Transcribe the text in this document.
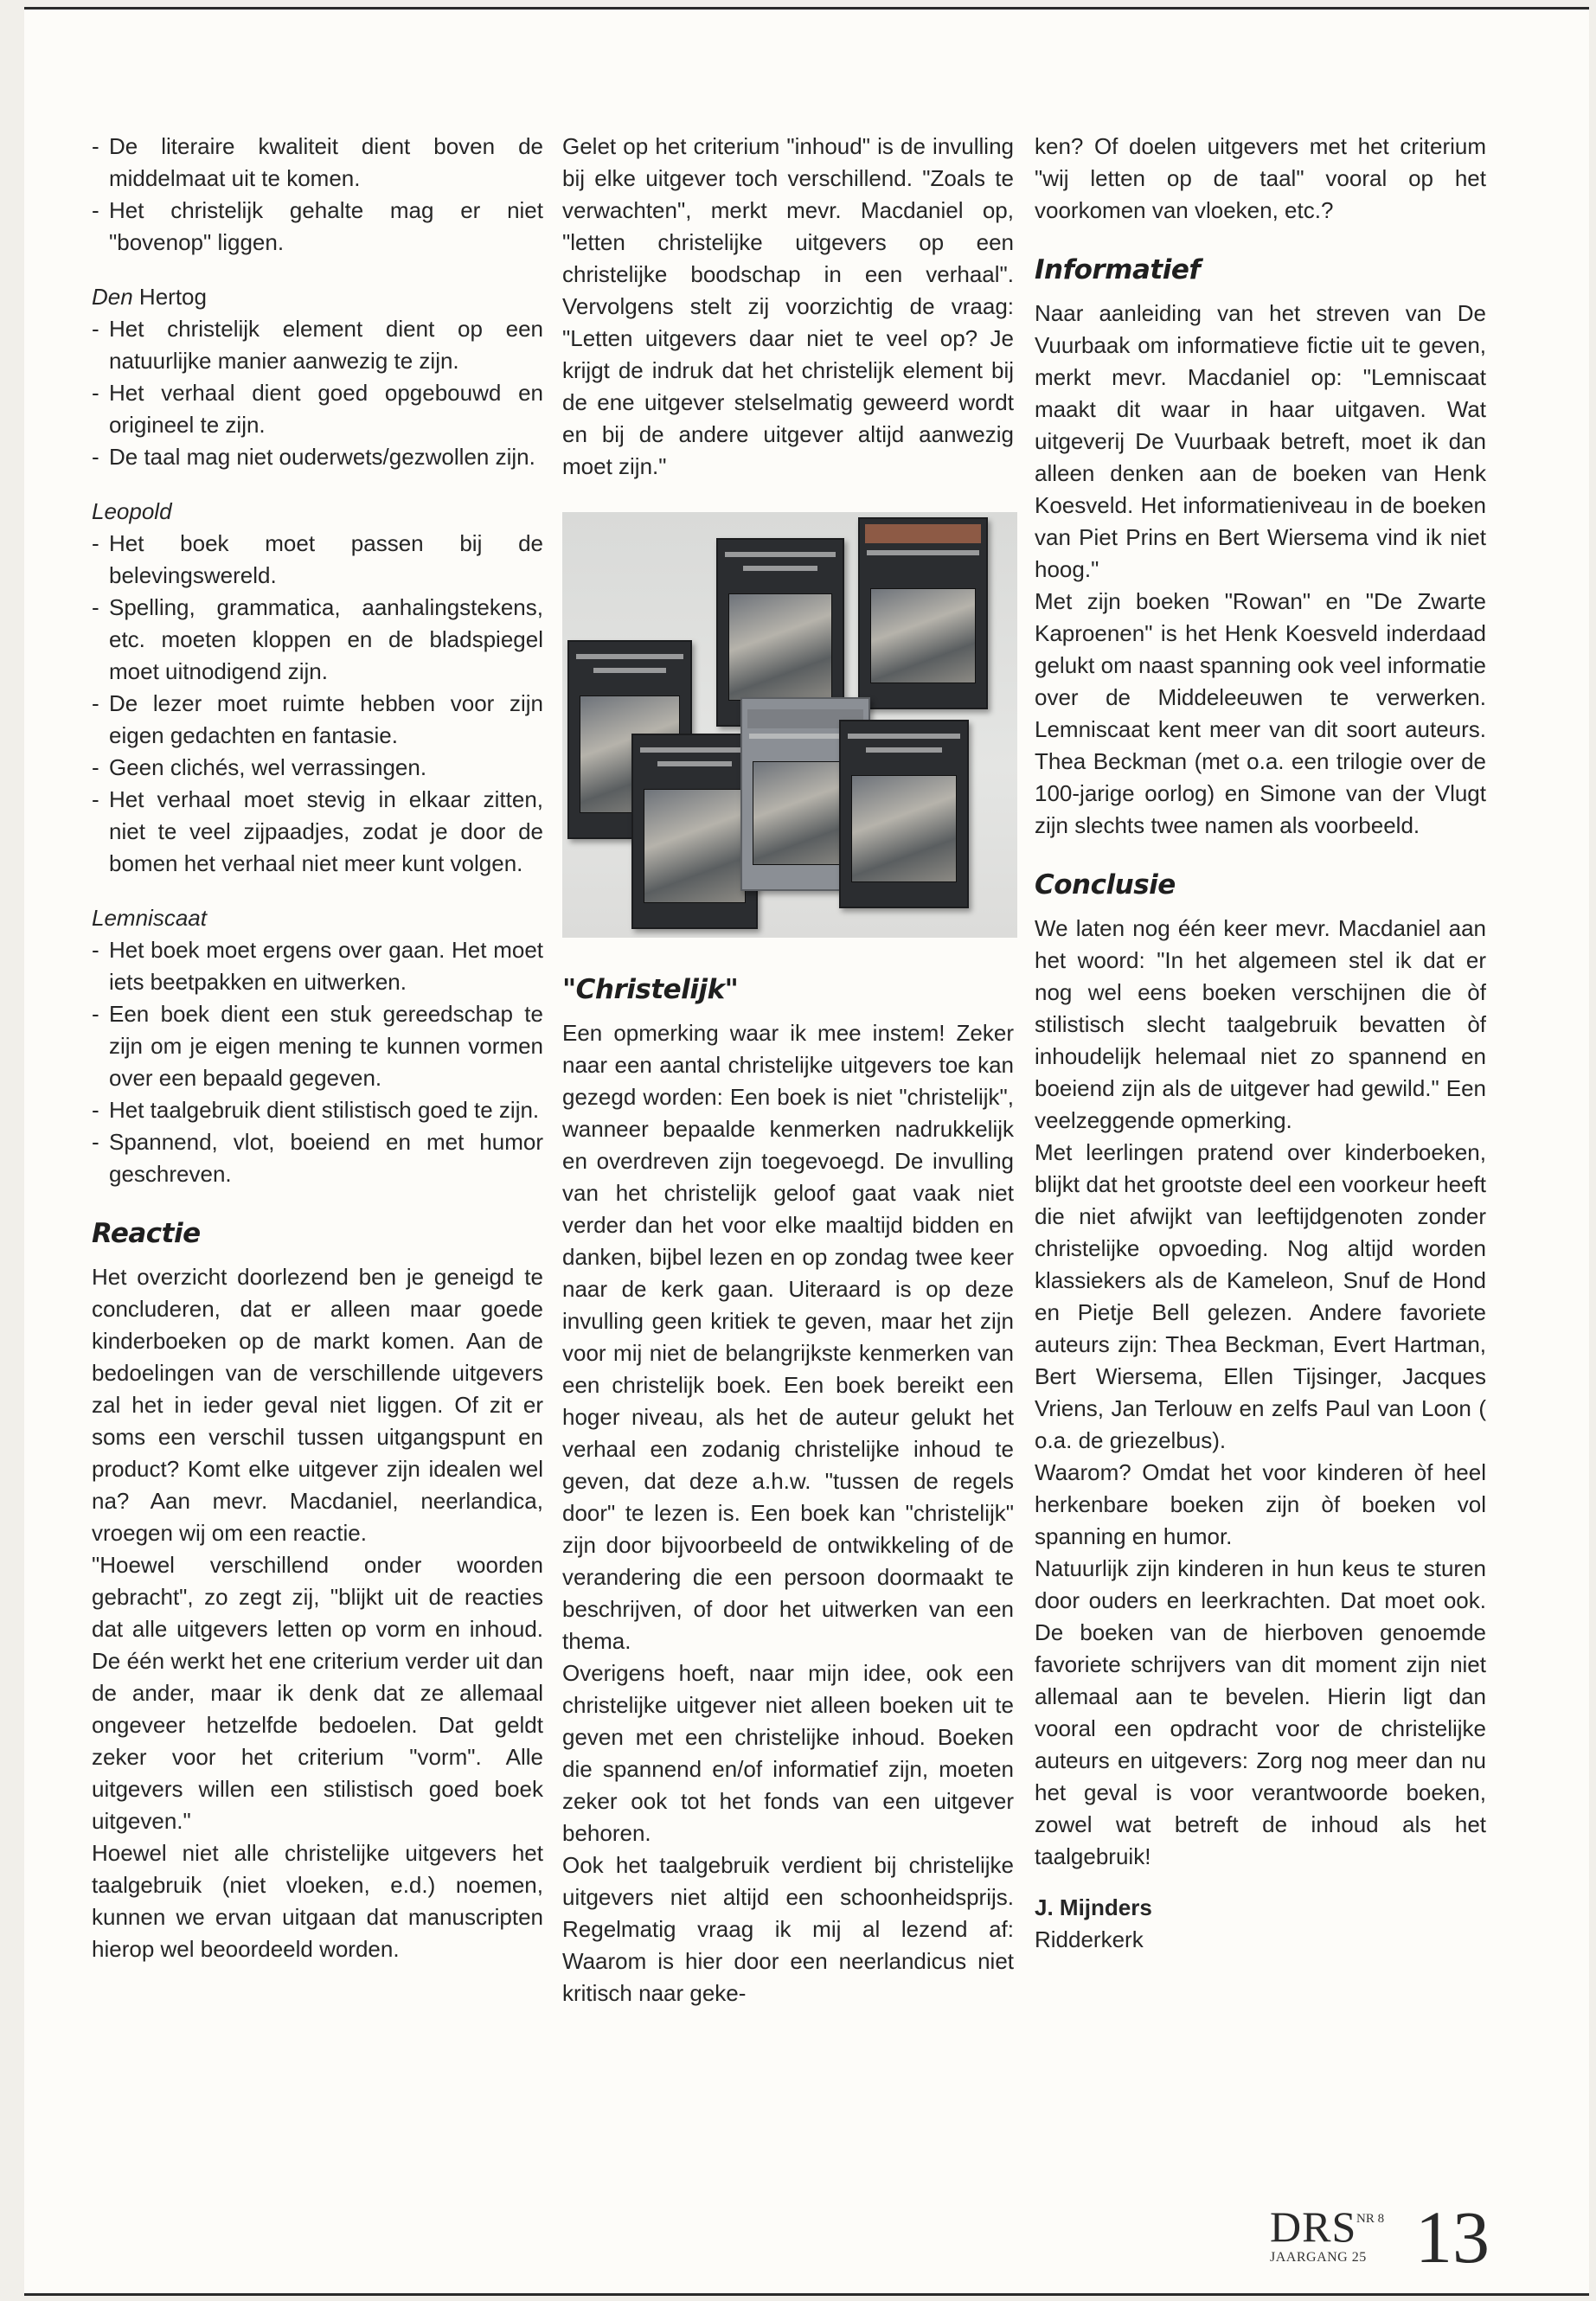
- De literaire kwaliteit dient boven de middelmaat uit te komen.
- Het christelijk gehalte mag er niet "bovenop" liggen.

Den Hertog

- Het christelijk element dient op een natuurlijke manier aanwezig te zijn.
- Het verhaal dient goed opgebouwd en origineel te zijn.
- De taal mag niet ouderwets/gezwollen zijn.

Leopold

- Het boek moet passen bij de belevingswereld.
- Spelling, grammatica, aanhalingstekens, etc. moeten kloppen en de bladspiegel moet uitnodigend zijn.
- De lezer moet ruimte hebben voor zijn eigen gedachten en fantasie.
- Geen clichés, wel verrassingen.
- Het verhaal moet stevig in elkaar zitten, niet te veel zijpaadjes, zodat je door de bomen het verhaal niet meer kunt volgen.

Lemniscaat

- Het boek moet ergens over gaan. Het moet iets beetpakken en uitwerken.
- Een boek dient een stuk gereedschap te zijn om je eigen mening te kunnen vormen over een bepaald gegeven.
- Het taalgebruik dient stilistisch goed te zijn.
- Spannend, vlot, boeiend en met humor geschreven.
Reactie

Het overzicht doorlezend ben je geneigd te concluderen, dat er alleen maar goede kinderboeken op de markt komen. Aan de bedoelingen van de verschillende uitgevers zal het in ieder geval niet liggen. Of zit er soms een verschil tussen uitgangspunt en product? Komt elke uitgever zijn idealen wel na? Aan mevr. Macdaniel, neerlandica, vroegen wij om een reactie.

"Hoewel verschillend onder woorden gebracht", zo zegt zij, "blijkt uit de reacties dat alle uitgevers letten op vorm en inhoud. De één werkt het ene criterium verder uit dan de ander, maar ik denk dat ze allemaal ongeveer hetzelfde bedoelen. Dat geldt zeker voor het criterium "vorm". Alle uitgevers willen een stilistisch goed boek uitgeven."

Hoewel niet alle christelijke uitgevers het taalgebruik (niet vloeken, e.d.) noemen, kunnen we ervan uitgaan dat manuscripten hierop wel beoordeeld worden.

Gelet op het criterium "inhoud" is de invulling bij elke uitgever toch verschillend. "Zoals te verwachten", merkt mevr. Macdaniel op, "letten christelijke uitgevers op een christelijke boodschap in een verhaal". Vervolgens stelt zij voorzichtig de vraag: "Letten uitgevers daar niet te veel op? Je krijgt de indruk dat het christelijk element bij de ene uitgever stelselmatig geweerd wordt en bij de andere uitgever altijd aanwezig moet zijn."

"Christelijk"

Een opmerking waar ik mee instem! Zeker naar een aantal christelijke uitgevers toe kan gezegd worden: Een boek is niet "christelijk", wanneer bepaalde kenmerken nadrukkelijk en overdreven zijn toegevoegd. De invulling van het christelijk geloof gaat vaak niet verder dan het voor elke maaltijd bidden en danken, bijbel lezen en op zondag twee keer naar de kerk gaan. Uiteraard is op deze invulling geen kritiek te geven, maar het zijn voor mij niet de belangrijkste kenmerken van een christelijk boek. Een boek bereikt een hoger niveau, als het de auteur gelukt het verhaal een zodanig christelijke inhoud te geven, dat deze a.h.w. "tussen de regels door" te lezen is. Een boek kan "christelijk" zijn door bijvoorbeeld de ontwikkeling of de verandering die een persoon doormaakt te beschrijven, of door het uitwerken van een thema.

Overigens hoeft, naar mijn idee, ook een christelijke uitgever niet alleen boeken uit te geven met een christelijke inhoud. Boeken die spannend en/of informatief zijn, moeten zeker ook tot het fonds van een uitgever behoren.

Ook het taalgebruik verdient bij christelijke uitgevers niet altijd een schoonheidsprijs. Regelmatig vraag ik mij al lezend af: Waarom is hier door een neerlandicus niet kritisch naar geke-

ken? Of doelen uitgevers met het criterium "wij letten op de taal" vooral op het voorkomen van vloeken, etc.?

Informatief

Naar aanleiding van het streven van De Vuurbaak om informatieve fictie uit te geven, merkt mevr. Macdaniel op: "Lemniscaat maakt dit waar in haar uitgaven. Wat uitgeverij De Vuurbaak betreft, moet ik dan alleen denken aan de boeken van Henk Koesveld. Het informatieniveau in de boeken van Piet Prins en Bert Wiersema vind ik niet hoog."

Met zijn boeken "Rowan" en "De Zwarte Kaproenen" is het Henk Koesveld inderdaad gelukt om naast spanning ook veel informatie over de Middeleeuwen te verwerken. Lemniscaat kent meer van dit soort auteurs. Thea Beckman (met o.a. een trilogie over de 100-jarige oorlog) en Simone van der Vlugt zijn slechts twee namen als voorbeeld.

Conclusie

We laten nog één keer mevr. Macdaniel aan het woord: "In het algemeen stel ik dat er nog wel eens boeken verschijnen die òf stilistisch slecht taalgebruik bevatten òf inhoudelijk helemaal niet zo spannend en boeiend zijn als de uitgever had gewild." Een veelzeggende opmerking.

Met leerlingen pratend over kinderboeken, blijkt dat het grootste deel een voorkeur heeft die niet afwijkt van leeftijdgenoten zonder christelijke opvoeding. Nog altijd worden klassiekers als de Kameleon, Snuf de Hond en Pietje Bell gelezen. Andere favoriete auteurs zijn: Thea Beckman, Evert Hartman, Bert Wiersema, Ellen Tijsinger, Jacques Vriens, Jan Terlouw en zelfs Paul van Loon ( o.a. de griezelbus).

Waarom? Omdat het voor kinderen òf heel herkenbare boeken zijn òf boeken vol spanning en humor.

Natuurlijk zijn kinderen in hun keus te sturen door ouders en leerkrachten. Dat moet ook. De boeken van de hierboven genoemde favoriete schrijvers van dit moment zijn niet allemaal aan te bevelen. Hierin ligt dan vooral een opdracht voor de christelijke auteurs en uitgevers: Zorg nog meer dan nu het geval is voor verantwoorde boeken, zowel wat betreft de inhoud als het taalgebruik!

J. Mijnders

Ridderkerk

DRS NR 8
JAARGANG 25 13
